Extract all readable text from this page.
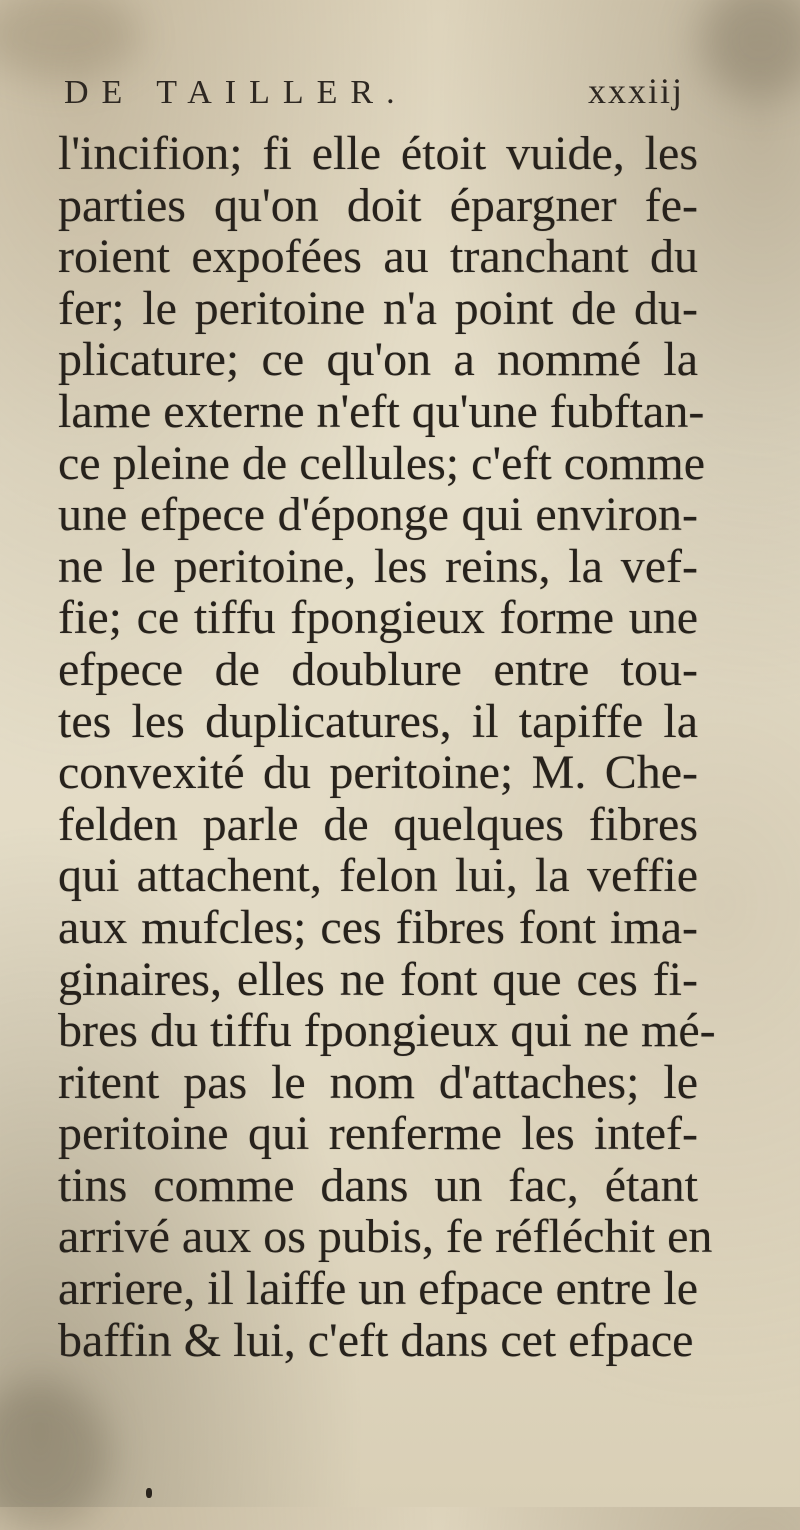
DE TAILLER.	xxxiij
l'incifion; fi elle étoit vuide, les
parties qu'on doit épargner fe-
roient expofées au tranchant du
fer; le peritoine n'a point de du-
plicature; ce qu'on a nommé la
lame externe n'eft qu'une fubftan-
ce pleine de cellules; c'eft comme
une efpece d'éponge qui environ-
ne le peritoine, les reins, la vef-
fie; ce tiffu fpongieux forme une
efpece de doublure entre tou-
tes les duplicatures, il tapiffe la
convexité du peritoine; M. Che-
felden parle de quelques fibres
qui attachent, felon lui, la veffie
aux mufcles; ces fibres font ima-
ginaires, elles ne font que ces fi-
bres du tiffu fpongieux qui ne mé-
ritent pas le nom d'attaches; le
peritoine qui renferme les intef-
tins comme dans un fac, étant
arrivé aux os pubis, fe réfléchit en
arriere, il laiffe un efpace entre le
baffin & lui, c'eft dans cet efpace
